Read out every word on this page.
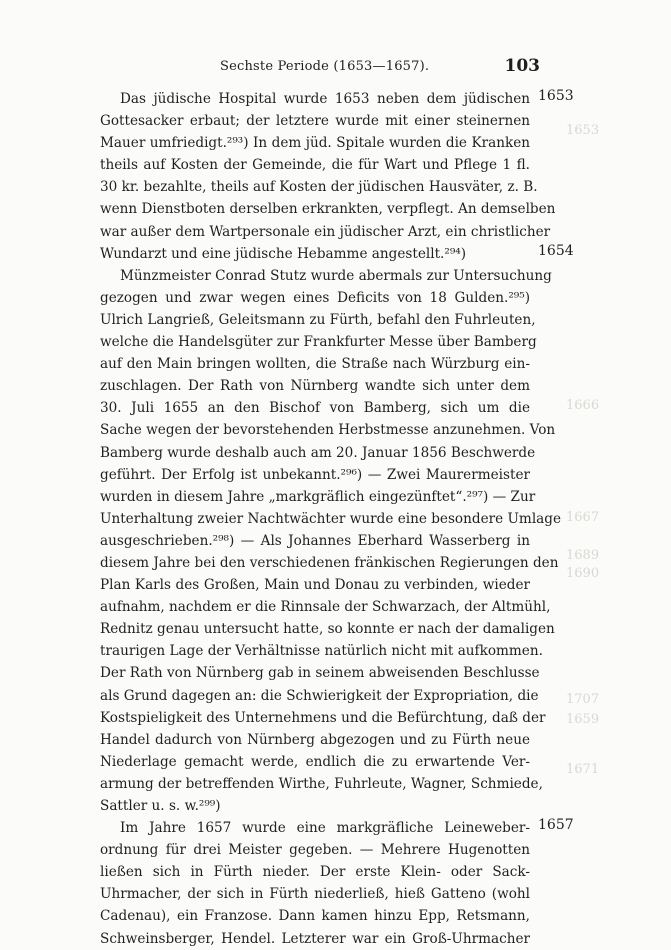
Sechste Periode (1653—1657).	103
Das jüdische Hospital wurde 1653 neben dem jüdischen
Gottesacker erbaut; der letztere wurde mit einer steinernen
Mauer umfriedigt.²⁹³) In dem jüd. Spitale wurden die Kranken
theils auf Kosten der Gemeinde, die für Wart und Pflege 1 fl.
30 kr. bezahlte, theils auf Kosten der jüdischen Hausväter, z. B.
wenn Dienstboten derselben erkrankten, verpflegt. An demselben
war außer dem Wartpersonale ein jüdischer Arzt, ein christlicher
Wundarzt und eine jüdische Hebamme angestellt.²⁹⁴)
Münzmeister Conrad Stutz wurde abermals zur Untersuchung
gezogen und zwar wegen eines Deficits von 18 Gulden.²⁹⁵)
Ulrich Langrieß, Geleitsmann zu Fürth, befahl den Fuhrleuten,
welche die Handelsgüter zur Frankfurter Messe über Bamberg
auf den Main bringen wollten, die Straße nach Würzburg ein-
zuschlagen. Der Rath von Nürnberg wandte sich unter dem
30. Juli 1655 an den Bischof von Bamberg, sich um die
Sache wegen der bevorstehenden Herbstmesse anzunehmen. Von
Bamberg wurde deshalb auch am 20. Januar 1856 Beschwerde
geführt. Der Erfolg ist unbekannt.²⁹⁶) — Zwei Maurermeister
wurden in diesem Jahre „markgräflich eingezünftet“.²⁹⁷) — Zur
Unterhaltung zweier Nachtwächter wurde eine besondere Umlage
ausgeschrieben.²⁹⁸) — Als Johannes Eberhard Wasserberg in
diesem Jahre bei den verschiedenen fränkischen Regierungen den
Plan Karls des Großen, Main und Donau zu verbinden, wieder
aufnahm, nachdem er die Rinnsale der Schwarzach, der Altmühl,
Rednitz genau untersucht hatte, so konnte er nach der damaligen
traurigen Lage der Verhältnisse natürlich nicht mit aufkommen.
Der Rath von Nürnberg gab in seinem abweisenden Beschlusse
als Grund dagegen an: die Schwierigkeit der Expropriation, die
Kostspieligkeit des Unternehmens und die Befürchtung, daß der
Handel dadurch von Nürnberg abgezogen und zu Fürth neue
Niederlage gemacht werde, endlich die zu erwartende Ver-
armung der betreffenden Wirthe, Fuhrleute, Wagner, Schmiede,
Sattler u. s. w.²⁹⁹)
Im Jahre 1657 wurde eine markgräfliche Leineweber-
ordnung für drei Meister gegeben. — Mehrere Hugenotten
ließen sich in Fürth nieder. Der erste Klein- oder Sack-
Uhrmacher, der sich in Fürth niederließ, hieß Gatteno (wohl
Cadenau), ein Franzose. Dann kamen hinzu Epp, Retsmann,
Schweinsberger, Hendel. Letzterer war ein Groß-Uhrmacher
1653
1654
1657
1653
1666
1667
1689
1690
1707
1659
1671
